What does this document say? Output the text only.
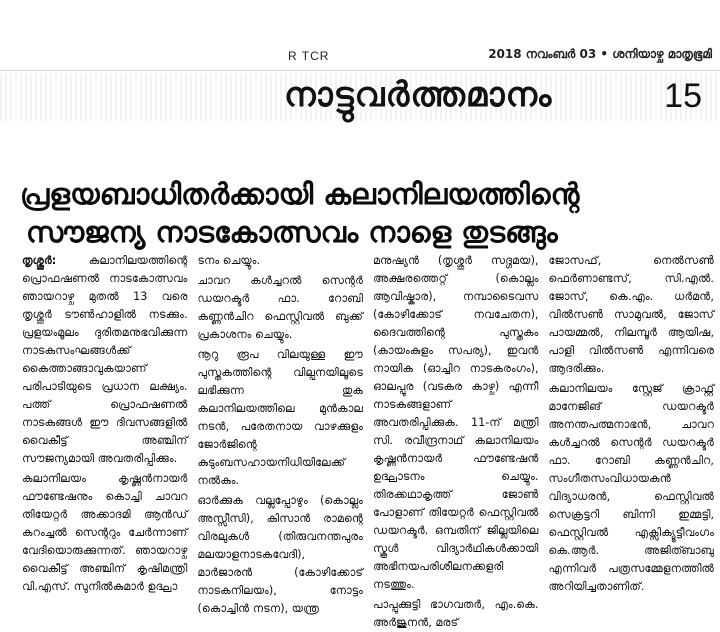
R TCR	2018 നവംബർ 03 • ശനിയാഴ്ച മാതൃഭൂമി
നാട്ടുവർത്തമാനം	15
പ്രളയബാധിതർക്കായി കലാനിലയത്തിന്റെ
സൗജന്യ നാടകോത്സവം നാളെ തുടങ്ങും

തൃശ്ശൂർ:	കലാനിലയത്തിന്റെ പ്രൊഫഷണൽ നാടകോത്സവം ഞായറാഴ്ച മുതൽ 13 വരെ തൃശ്ശൂർ ടൗൺഹാളിൽ നടക്കും. പ്രളയംമൂലം ദുരിതമനുഭവിക്കുന്ന നാടകസംഘങ്ങൾക്ക് കൈത്താങ്ങാവുകയാണ് പരിപാടിയുടെ പ്രധാന ലക്ഷ്യം. പത്ത് പ്രൊഫഷണൽ നാടകങ്ങൾ ഈ ദിവസങ്ങളിൽ വൈകീട്ട് അഞ്ചിന് സൗജന്യമായി അവതരിപ്പിക്കും.

കലാനിലയം കൃഷ്ണൻനായർ ഫൗണ്ടേഷനും കൊച്ചി ചാവറ തിയേറ്റർ അക്കാദമി ആൻഡ് കറംച്ചൽ സെന്ററും ചേർന്നാണ് വേദിയൊരുക്കുന്നത്. ഞായറാഴ്ച വൈകീട്ട് അഞ്ചിന് കൃഷിമന്ത്രി വി.എസ്. സുനിൽകുമാർ ഉദ്ഘാ

ടനം ചെയ്യും.

ചാവറ കൾച്ചറൽ സെന്റർ ഡയറക്ടർ ഫാ. റോബി കണ്ണൻചിറ ഫെസ്റ്റിവൽ ബുക്ക് പ്രകാശനം ചെയ്യും.

നൂറു രൂപ വിലയുള്ള ഈ പുസ്തകത്തിന്റെ വില്പനയിലൂടെ ലഭിക്കുന്ന തുക കലാനിലയത്തിലെ മുൻകാല നടൻ, പരേതനായ വാഴക്കുളം ജോർജിന്റെ കുടുംബസഹായനിധിയിലേക്ക് നൽകും.

ഓർക്കുക വല്ലപ്പോഴും (കൊല്ലം അസ്സീസി), കിസാൻ രാമന്റെ വിരലുകൾ (തിരുവനന്തപുരം മലയാളനാടകവേദി), മാർജാരൻ (കോഴിക്കോട് നാടകനിലയം), നോട്ടം (കൊച്ചിൻ നടന), യന്ത്ര

മനുഷ്യൻ (തൃശ്ശൂർ സദ്ഗമയ), അക്ഷരത്തെറ്റ് (കൊല്ലം ആവിഷ്കാര), നമ്പാടൈവസ (കോഴിക്കോട് നവചേതന), ദൈവത്തിന്റെ പുസ്തകം (കായംകുളം സപര്യ), ഇവൻ നായിക (ഓച്ചിറ നാടകരംഗം), ഓലപ്പൂര (വടകര കാഴ്ച) എന്നീ നാടകങ്ങളാണ് അവതരിപ്പിക്കുക. 11-ന് മന്ത്രി സി. രവീന്ദ്രനാഥ് കലാനിലയം കൃഷ്ണൻനായർ ഫൗണ്ടേഷൻ ഉദ്ഘാടനം ചെയ്യും. തിരക്കഥാകൃത്ത് ജോൺ പോളാണ് തിയേറ്റർ ഫെസ്റ്റിവൽ ഡയറക്ടർ. ഒമ്പതിന് ജില്ലയിലെ സ്കൂൾ വിദ്യാർഥികൾക്കായി അഭിനയപരിശീലനക്കളരി നടത്തും.

പാപ്പുക്കുട്ടി ഭാഗവതർ, എം.കെ. അർജുനൻ, മരട്

ജോസഫ്, നെൽസൺ ഫെർണാണ്ടസ്, സി.എൽ. ജോസ്, കെ.എം. ധർമൻ, വിൽസൺ സാമുവൽ, ജോസ് പായമ്മൽ, നിലമ്പൂർ ആയിഷ, പാളി വിൽസൺ എന്നിവരെ ആദരിക്കും.

കലാനിലയം സ്റ്റേജ് ക്രാഫ്റ്റ് മാനേജിങ് ഡയറക്ടർ അനന്തപത്മനാഭൻ, ചാവറ കൾച്ചറൽ സെന്റർ ഡയറക്ടർ ഫാ. റോബി കണ്ണൻചിറ, സംഗീതസംവിധായകൻ വിദ്യാധരൻ, ഫെസ്റ്റിവൽ സെക്രട്ടറി ബിന്നി ഇമ്മട്ടി, ഫെസ്റ്റിവൽ എക്സിക്യൂട്ടീവംഗം കെ.ആർ. അജിത്ബാബു എന്നിവർ പത്രസമ്മേളനത്തിൽ അറിയിച്ചതാണിത്.
